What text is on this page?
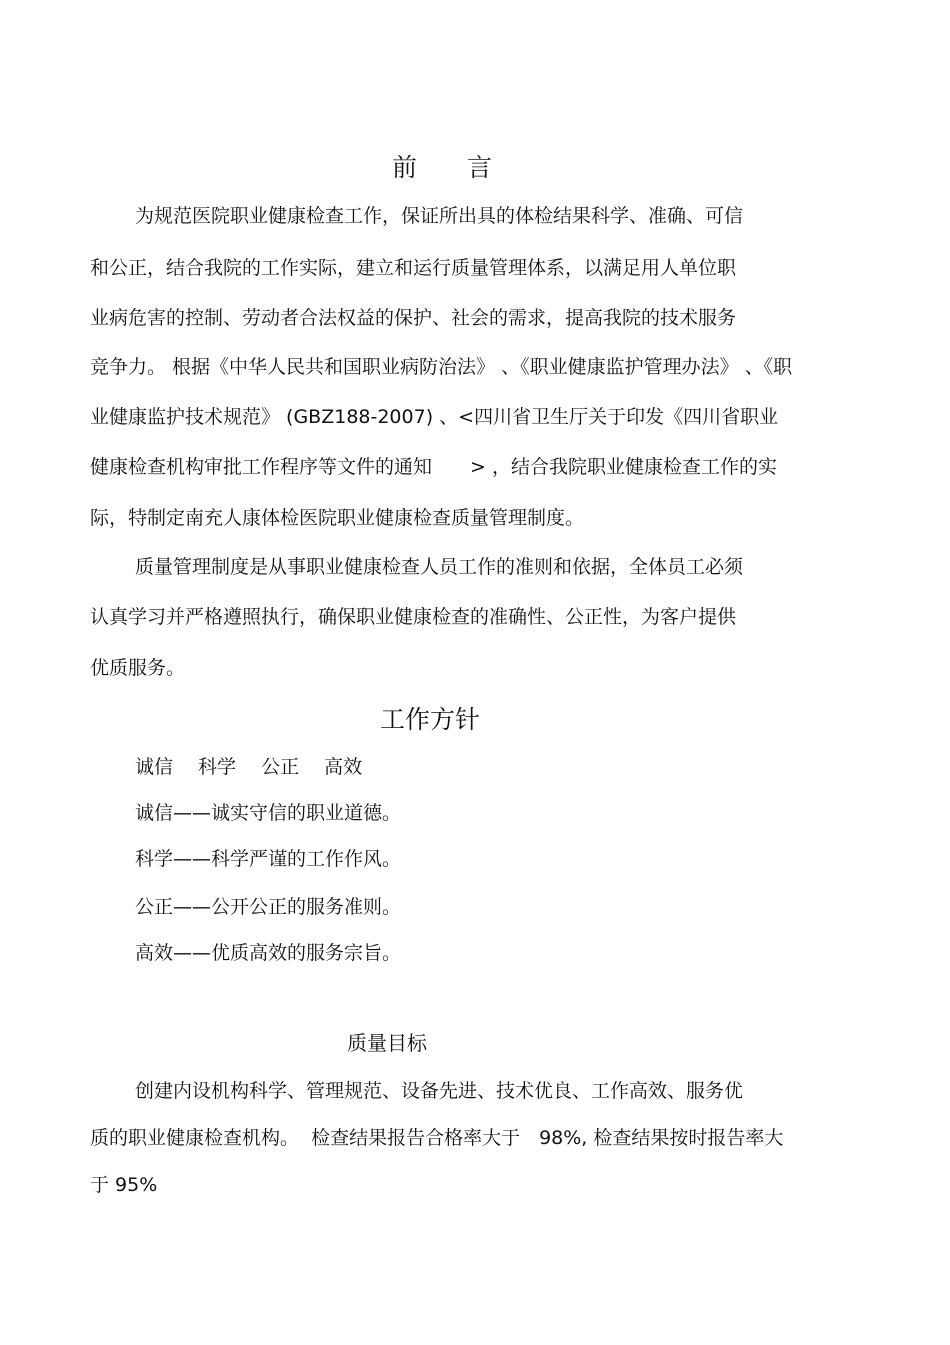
前　　言
为规范医院职业健康检查工作，保证所出具的体检结果科学、准确、可信
和公正，结合我院的工作实际，建立和运行质量管理体系，以满足用人单位职
业病危害的控制、劳动者合法权益的保护、社会的需求，提高我院的技术服务
竞争力。 根据《中华人民共和国职业病防治法》 、《职业健康监护管理办法》 、《职
业健康监护技术规范》 (GBZ188-2007) 、<四川省卫生厅关于印发《四川省职业
健康检查机构审批工作程序等文件的通知　　> ，结合我院职业健康检查工作的实
际，特制定南充人康体检医院职业健康检查质量管理制度。
质量管理制度是从事职业健康检查人员工作的准则和依据，全体员工必须
认真学习并严格遵照执行，确保职业健康检查的准确性、公正性，为客户提供
优质服务。
工作方针
诚信　 科学　 公正　 高效
诚信——诚实守信的职业道德。
科学——科学严谨的工作作风。
公正——公开公正的服务准则。
高效——优质高效的服务宗旨。
质量目标
创建内设机构科学、管理规范、设备先进、技术优良、工作高效、服务优
质的职业健康检查机构。  检查结果报告合格率大于　98%, 检查结果按时报告率大
于 95%
